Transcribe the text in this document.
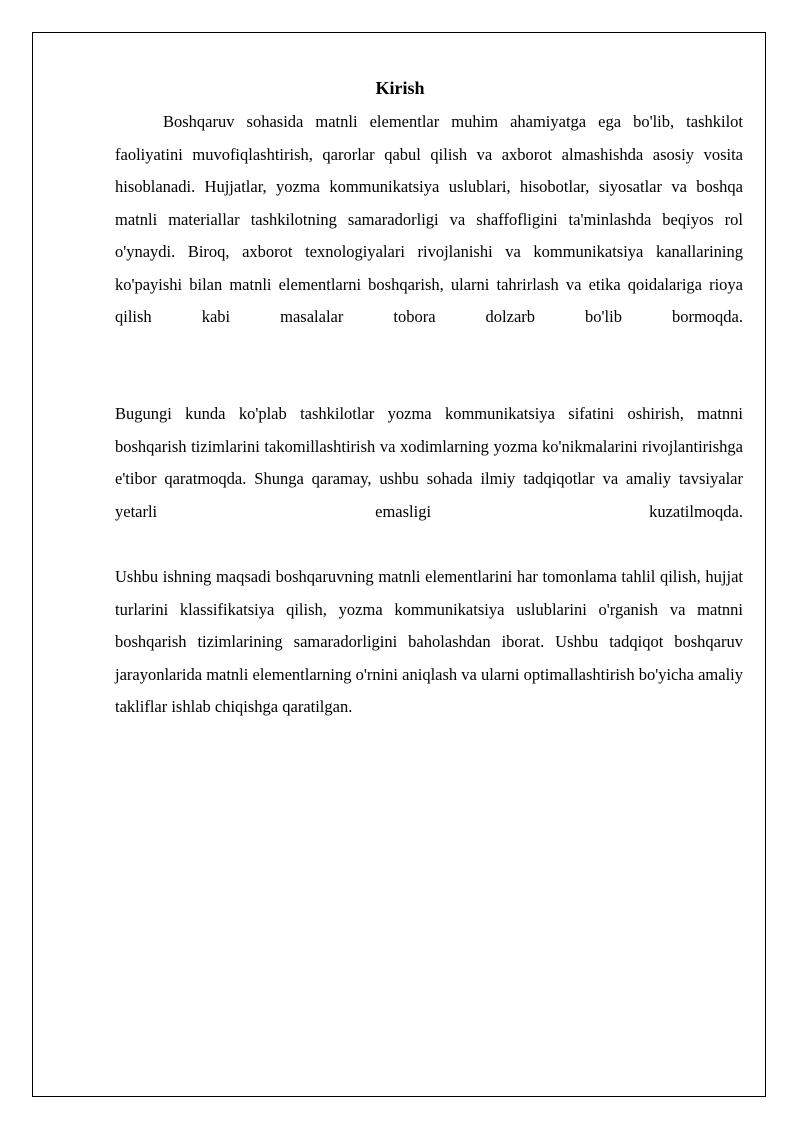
Kirish

Boshqaruv sohasida matnli elementlar muhim ahamiyatga ega bo'lib, tashkilot faoliyatini muvofiqlashtirish, qarorlar qabul qilish va axborot almashishda asosiy vosita hisoblanadi. Hujjatlar, yozma kommunikatsiya uslublari, hisobotlar, siyosatlar va boshqa matnli materiallar tashkilotning samaradorligi va shaffofligini ta'minlashda beqiyos rol o'ynaydi. Biroq, axborot texnologiyalari rivojlanishi va kommunikatsiya kanallarining ko'payishi bilan matnli elementlarni boshqarish, ularni tahrirlash va etika qoidalariga rioya qilish kabi masalalar tobora dolzarb bo'lib bormoqda.

Bugungi kunda ko'plab tashkilotlar yozma kommunikatsiya sifatini oshirish, matnni boshqarish tizimlarini takomillashtirish va xodimlarning yozma ko'nikmalarini rivojlantirishga e'tibor qaratmoqda. Shunga qaramay, ushbu sohada ilmiy tadqiqotlar va amaliy tavsiyalar yetarli emasligi kuzatilmoqda.

Ushbu ishning maqsadi boshqaruvning matnli elementlarini har tomonlama tahlil qilish, hujjat turlarini klassifikatsiya qilish, yozma kommunikatsiya uslublarini o'rganish va matnni boshqarish tizimlarining samaradorligini baholashdan iborat. Ushbu tadqiqot boshqaruv jarayonlarida matnli elementlarning o'rnini aniqlash va ularni optimallashtirish bo'yicha amaliy takliflar ishlab chiqishga qaratilgan.
